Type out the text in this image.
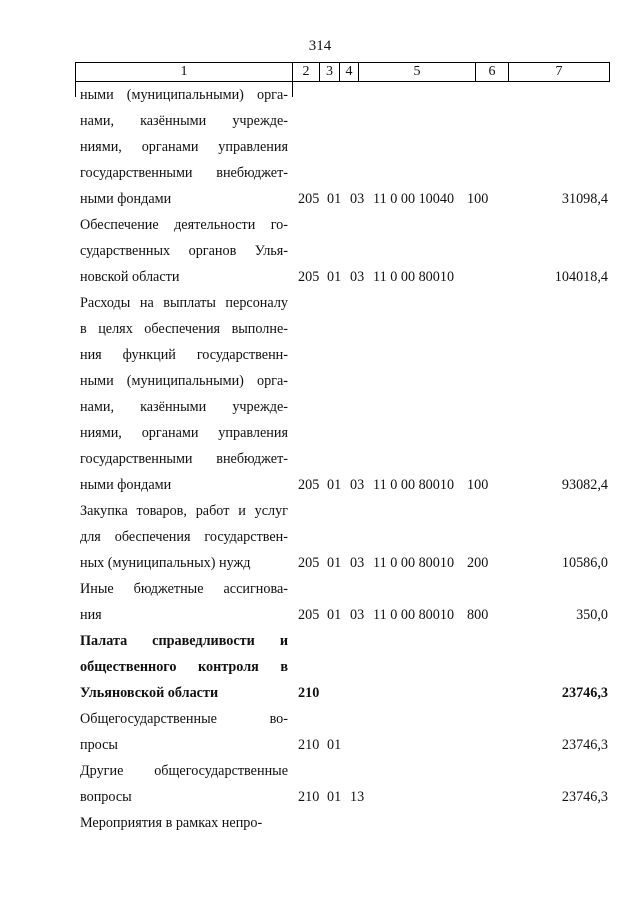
314
1	2	3 4	5	6	7
ными (муниципальными) орга-
нами, казёнными учрежде-
ниями, органами управления
государственными внебюджет-
ными фондами	205 01 03 11 0 00 10040 100	31098,4
Обеспечение деятельности го-
сударственных органов Улья-
новской области	205 01 03 11 0 00 80010	104018,4
Расходы на выплаты персоналу
в целях обеспечения выполне-
ния функций государственн-
ными (муниципальными) орга-
нами, казёнными учрежде-
ниями, органами управления
государственными внебюджет-
ными фондами	205 01 03 11 0 00 80010 100	93082,4
Закупка товаров, работ и услуг
для обеспечения государствен-
ных (муниципальных) нужд	205 01 03 11 0 00 80010 200	10586,0
Иные бюджетные ассигнова-
ния	205 01 03 11 0 00 80010 800	350,0
Палата справедливости и
общественного контроля в
Ульяновской области	210	23746,3
Общегосударственные во-
просы	210 01	23746,3
Другие общегосударственные
вопросы	210 01 13	23746,3
Мероприятия в рамках непро-
